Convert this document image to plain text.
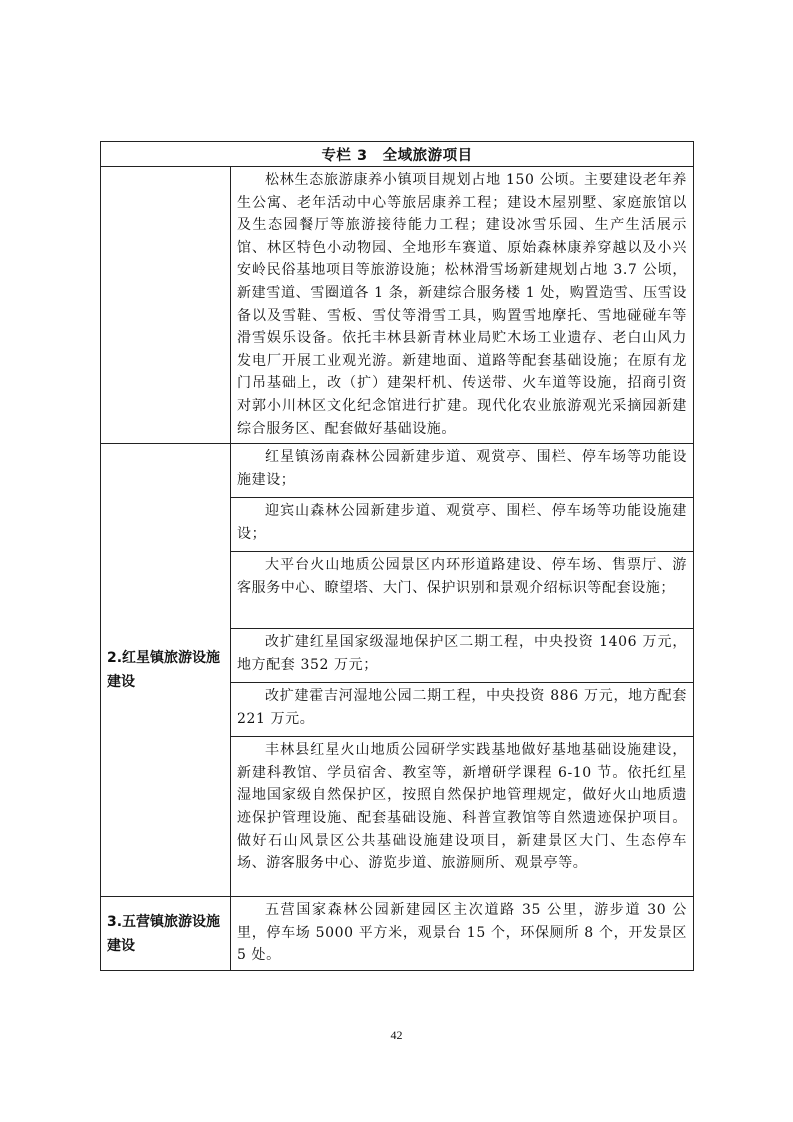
专栏 3　全域旅游项目	
	松林生态旅游康养小镇项目规划占地 150 公顷。主要建设老年养生公寓、老年活动中心等旅居康养工程；建设木屋别墅、家庭旅馆以及生态园餐厅等旅游接待能力工程；建设冰雪乐园、生产生活展示馆、林区特色小动物园、全地形车赛道、原始森林康养穿越以及小兴安岭民俗基地项目等旅游设施；松林滑雪场新建规划占地 3.7 公顷，新建雪道、雪圈道各 1 条，新建综合服务楼 1 处，购置造雪、压雪设备以及雪鞋、雪板、雪仗等滑雪工具，购置雪地摩托、雪地碰碰车等滑雪娱乐设备。依托丰林县新青林业局贮木场工业遗存、老白山风力发电厂开展工业观光游。新建地面、道路等配套基础设施；在原有龙门吊基础上，改（扩）建架杆机、传送带、火车道等设施，招商引资对郭小川林区文化纪念馆进行扩建。现代化农业旅游观光采摘园新建综合服务区、配套做好基础设施。
2.红星镇旅游设施建设	红星镇汤南森林公园新建步道、观赏亭、围栏、停车场等功能设施建设；
	迎宾山森林公园新建步道、观赏亭、围栏、停车场等功能设施建设；
	大平台火山地质公园景区内环形道路建设、停车场、售票厅、游客服务中心、瞭望塔、大门、保护识别和景观介绍标识等配套设施；
	改扩建红星国家级湿地保护区二期工程，中央投资 1406 万元，地方配套 352 万元；
	改扩建霍吉河湿地公园二期工程，中央投资 886 万元，地方配套 221 万元。
	丰林县红星火山地质公园研学实践基地做好基地基础设施建设，新建科教馆、学员宿舍、教室等，新增研学课程 6-10 节。依托红星湿地国家级自然保护区，按照自然保护地管理规定，做好火山地质遗迹保护管理设施、配套基础设施、科普宣教馆等自然遗迹保护项目。做好石山风景区公共基础设施建设项目，新建景区大门、生态停车场、游客服务中心、游览步道、旅游厕所、观景亭等。
3.五营镇旅游设施建设	五营国家森林公园新建园区主次道路 35 公里，游步道 30 公里，停车场 5000 平方米，观景台 15 个，环保厕所 8 个，开发景区 5 处。
42
